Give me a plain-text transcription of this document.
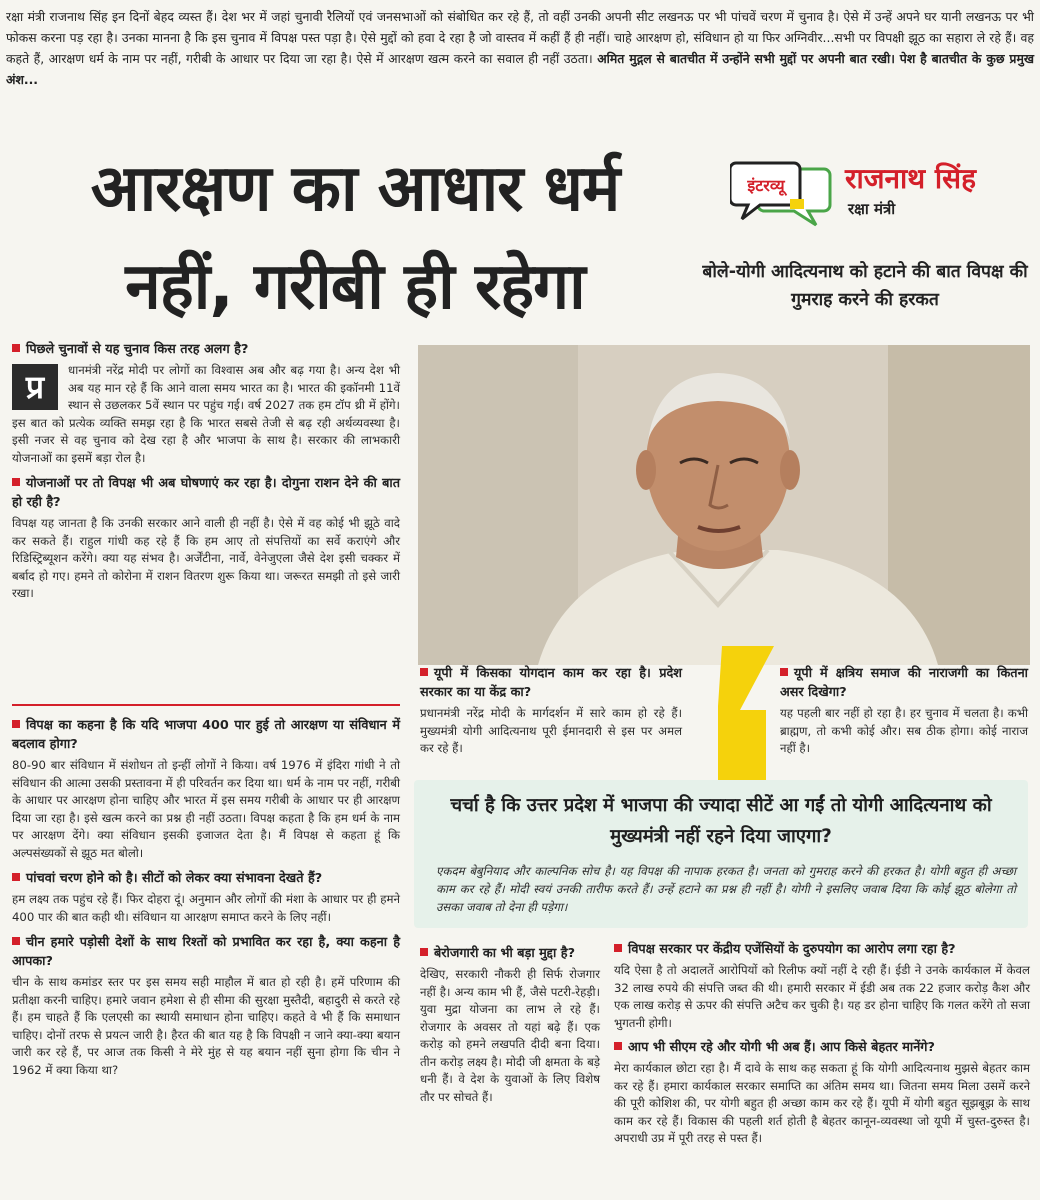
रक्षा मंत्री राजनाथ सिंह इन दिनों बेहद व्यस्त हैं। देश भर में जहां चुनावी रैलियों एवं जनसभाओं को संबोधित कर रहे हैं, तो वहीं उनकी अपनी सीट लखनऊ पर भी पांचवें चरण में चुनाव है। ऐसे में उन्हें अपने घर यानी लखनऊ पर भी फोकस करना पड़ रहा है। उनका मानना है कि इस चुनाव में विपक्ष पस्त पड़ा है। ऐसे मुद्दों को हवा दे रहा है जो वास्तव में कहीं हैं ही नहीं। चाहे आरक्षण हो, संविधान हो या फिर अग्निवीर...सभी पर विपक्षी झूठ का सहारा ले रहे हैं। वह कहते हैं, आरक्षण धर्म के नाम पर नहीं, गरीबी के आधार पर दिया जा रहा है। ऐसे में आरक्षण खत्म करने का सवाल ही नहीं उठता। अमित मुद्गल से बातचीत में उन्होंने सभी मुद्दों पर अपनी बात रखी। पेश है बातचीत के कुछ प्रमुख अंश...
आरक्षण का आधार धर्म
नहीं, गरीबी ही रहेगा
इंटरव्यू राजनाथ सिंह
रक्षा मंत्री
बोले-योगी आदित्यनाथ को हटाने की बात विपक्ष की गुमराह करने की हरकत
पिछले चुनावों से यह चुनाव किस तरह अलग है?
प्र	धानमंत्री नरेंद्र मोदी पर लोगों का विश्वास अब और बढ़ गया है। अन्य देश भी अब यह मान रहे हैं कि आने वाला समय भारत का है। भारत की इकॉनमी 11वें स्थान से उछलकर 5वें स्थान पर पहुंच गई। वर्ष 2027 तक हम टॉप थ्री में होंगे। इस बात को प्रत्येक व्यक्ति समझ रहा है कि भारत सबसे तेजी से बढ़ रही अर्थव्यवस्था है। इसी नजर से वह चुनाव को देख रहा है और भाजपा के साथ है। सरकार की लाभकारी योजनाओं का इसमें बड़ा रोल है।
योजनाओं पर तो विपक्ष भी अब घोषणाएं कर रहा है। दोगुना राशन देने की बात हो रही है?
विपक्ष यह जानता है कि उनकी सरकार आने वाली ही नहीं है। ऐसे में वह कोई भी झूठे वादे कर सकते हैं। राहुल गांधी कह रहे हैं कि हम आए तो संपत्तियों का सर्वे कराएंगे और रिडिस्ट्रिब्यूशन करेंगे। क्या यह संभव है। अर्जेंटीना, नार्वे, वेनेजुएला जैसे देश इसी चक्कर में बर्बाद हो गए। हमने तो कोरोना में राशन वितरण शुरू किया था। जरूरत समझी तो इसे जारी रखा।
विपक्ष का कहना है कि यदि भाजपा 400 पार हुई तो आरक्षण या संविधान में बदलाव होगा?
80-90 बार संविधान में संशोधन तो इन्हीं लोगों ने किया। वर्ष 1976 में इंदिरा गांधी ने तो संविधान की आत्मा उसकी प्रस्तावना में ही परिवर्तन कर दिया था। धर्म के नाम पर नहीं, गरीबी के आधार पर आरक्षण होना चाहिए और भारत में इस समय गरीबी के आधार पर ही आरक्षण दिया जा रहा है। इसे खत्म करने का प्रश्न ही नहीं उठता। विपक्ष कहता है कि हम धर्म के नाम पर आरक्षण देंगे। क्या संविधान इसकी इजाजत देता है। मैं विपक्ष से कहता हूं कि अल्पसंख्यकों से झूठ मत बोलो।
पांचवां चरण होने को है। सीटों को लेकर क्या संभावना देखते हैं?
हम लक्ष्य तक पहुंच रहे हैं। फिर दोहरा दूं। अनुमान और लोगों की मंशा के आधार पर ही हमने 400 पार की बात कही थी। संविधान या आरक्षण समाप्त करने के लिए नहीं।
चीन हमारे पड़ोसी देशों के साथ रिश्तों को प्रभावित कर रहा है, क्या कहना है आपका?
चीन के साथ कमांडर स्तर पर इस समय सही माहौल में बात हो रही है। हमें परिणाम की प्रतीक्षा करनी चाहिए। हमारे जवान हमेशा से ही सीमा की सुरक्षा मुस्तैदी, बहादुरी से करते रहे हैं। हम चाहते हैं कि एलएसी का स्थायी समाधान होना चाहिए। कहते वे भी हैं कि समाधान चाहिए। दोनों तरफ से प्रयत्न जारी है। हैरत की बात यह है कि विपक्षी न जाने क्या-क्या बयान जारी कर रहे हैं, पर आज तक किसी ने मेरे मुंह से यह बयान नहीं सुना होगा कि चीन ने 1962 में क्या किया था?
यूपी में किसका योगदान काम कर रहा है। प्रदेश सरकार का या केंद्र का?
प्रधानमंत्री नरेंद्र मोदी के मार्गदर्शन में सारे काम हो रहे हैं। मुख्यमंत्री योगी आदित्यनाथ पूरी ईमानदारी से इस पर अमल कर रहे हैं।
यूपी में क्षत्रिय समाज की नाराजगी का कितना असर दिखेगा?
यह पहली बार नहीं हो रहा है। हर चुनाव में चलता है। कभी ब्राह्मण, तो कभी कोई और। सब ठीक होगा। कोई नाराज नहीं है।
चर्चा है कि उत्तर प्रदेश में भाजपा की ज्यादा सीटें आ गईं तो योगी आदित्यनाथ को मुख्यमंत्री नहीं रहने दिया जाएगा?
एकदम बेबुनियाद और काल्पनिक सोच है। यह विपक्ष की नापाक हरकत है। जनता को गुमराह करने की हरकत है। योगी बहुत ही अच्छा काम कर रहे हैं। मोदी स्वयं उनकी तारीफ करते हैं। उन्हें हटाने का प्रश्न ही नहीं है। योगी ने इसलिए जवाब दिया कि कोई झूठ बोलेगा तो उसका जवाब तो देना ही पड़ेगा।
बेरोजगारी का भी बड़ा मुद्दा है?
देखिए, सरकारी नौकरी ही सिर्फ रोजगार नहीं है। अन्य काम भी हैं, जैसे पटरी-रेहड़ी। युवा मुद्रा योजना का लाभ ले रहे हैं। रोजगार के अवसर तो यहां बढ़े हैं। एक करोड़ को हमने लखपति दीदी बना दिया। तीन करोड़ लक्ष्य है। मोदी जी क्षमता के बड़े धनी हैं। वे देश के युवाओं के लिए विशेष तौर पर सोचते हैं।
विपक्ष सरकार पर केंद्रीय एजेंसियों के दुरुपयोग का आरोप लगा रहा है?
यदि ऐसा है तो अदालतें आरोपियों को रिलीफ क्यों नहीं दे रही हैं। ईडी ने उनके कार्यकाल में केवल 32 लाख रुपये की संपत्ति जब्त की थी। हमारी सरकार में ईडी अब तक 22 हजार करोड़ कैश और एक लाख करोड़ से ऊपर की संपत्ति अटैच कर चुकी है। यह डर होना चाहिए कि गलत करेंगे तो सजा भुगतनी होगी।
आप भी सीएम रहे और योगी भी अब हैं। आप किसे बेहतर मानेंगे?
मेरा कार्यकाल छोटा रहा है। मैं दावे के साथ कह सकता हूं कि योगी आदित्यनाथ मुझसे बेहतर काम कर रहे हैं। हमारा कार्यकाल सरकार समाप्ति का अंतिम समय था। जितना समय मिला उसमें करने की पूरी कोशिश की, पर योगी बहुत ही अच्छा काम कर रहे हैं। यूपी में योगी बहुत सूझबूझ के साथ काम कर रहे हैं। विकास की पहली शर्त होती है बेहतर कानून-व्यवस्था जो यूपी में चुस्त-दुरुस्त है। अपराधी उप्र में पूरी तरह से पस्त हैं।
